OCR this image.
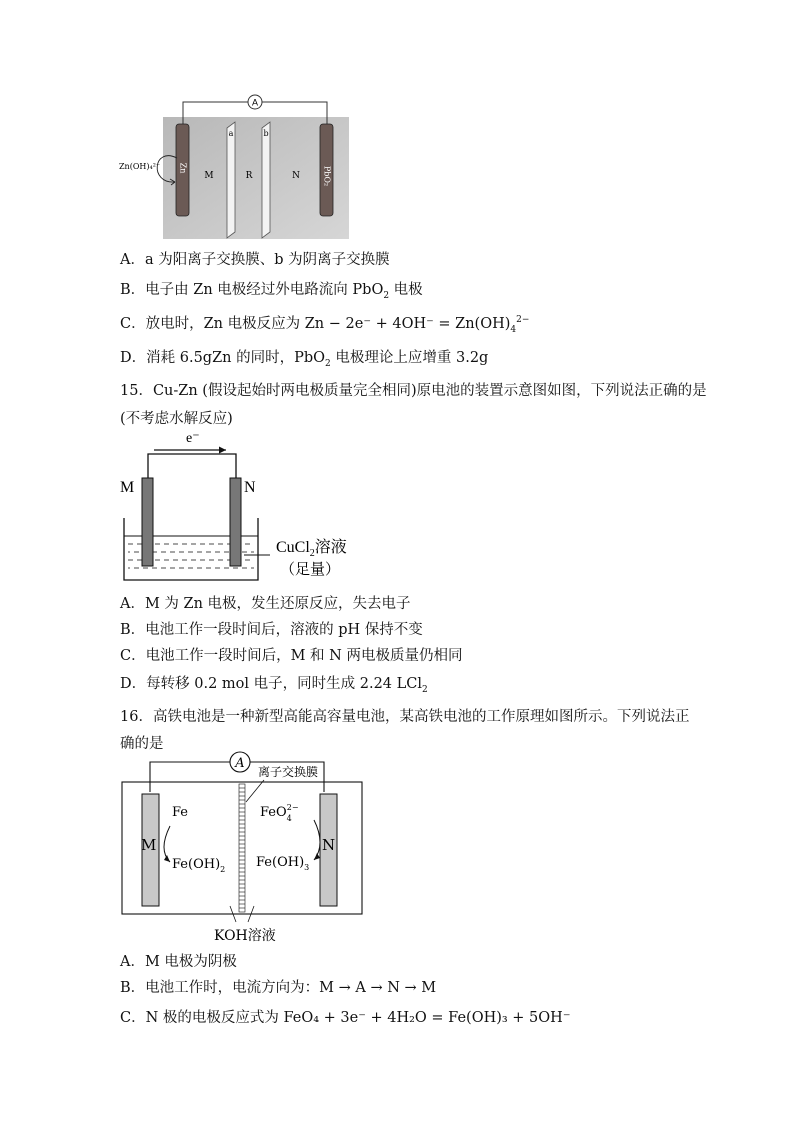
A
a	b
Zn	PbO₂
M	R	N
Zn(OH)₄²⁻
A．a 为阳离子交换膜、b 为阴离子交换膜
B．电子由 Zn 电极经过外电路流向 PbO$_2$ 电极
C．放电时，Zn 电极反应为 $Zn - 2e^- + 4OH^- = Zn(OH)_4^{2-}$
D．消耗 6.5gZn 的同时，PbO$_2$ 电极理论上应增重 3.2g
15．Cu-Zn (假设起始时两电极质量完全相同)原电池的装置示意图如图，下列说法正确的是
(不考虑水解反应)
e⁻
M	N
CuCl$_2$溶液
（足量）
A．M 为 Zn 电极，发生还原反应，失去电子
B．电池工作一段时间后，溶液的 pH 保持不变
C．电池工作一段时间后，M 和 N 两电极质量仍相同
D．每转移 0.2 mol 电子，同时生成 2.24 LCl$_2$
16．高铁电池是一种新型高能高容量电池，某高铁电池的工作原理如图所示。下列说法正
确的是
A
离子交换膜
M	N
Fe
$Fe(OH)_2$
FeO$_4$2−
$Fe(OH)_3$
KOH溶液
A．M 电极为阴极
B．电池工作时，电流方向为：M → A → N → M
C．N 极的电极反应式为 FeO₄ + 3e⁻ + 4H₂O = Fe(OH)₃ + 5OH⁻
